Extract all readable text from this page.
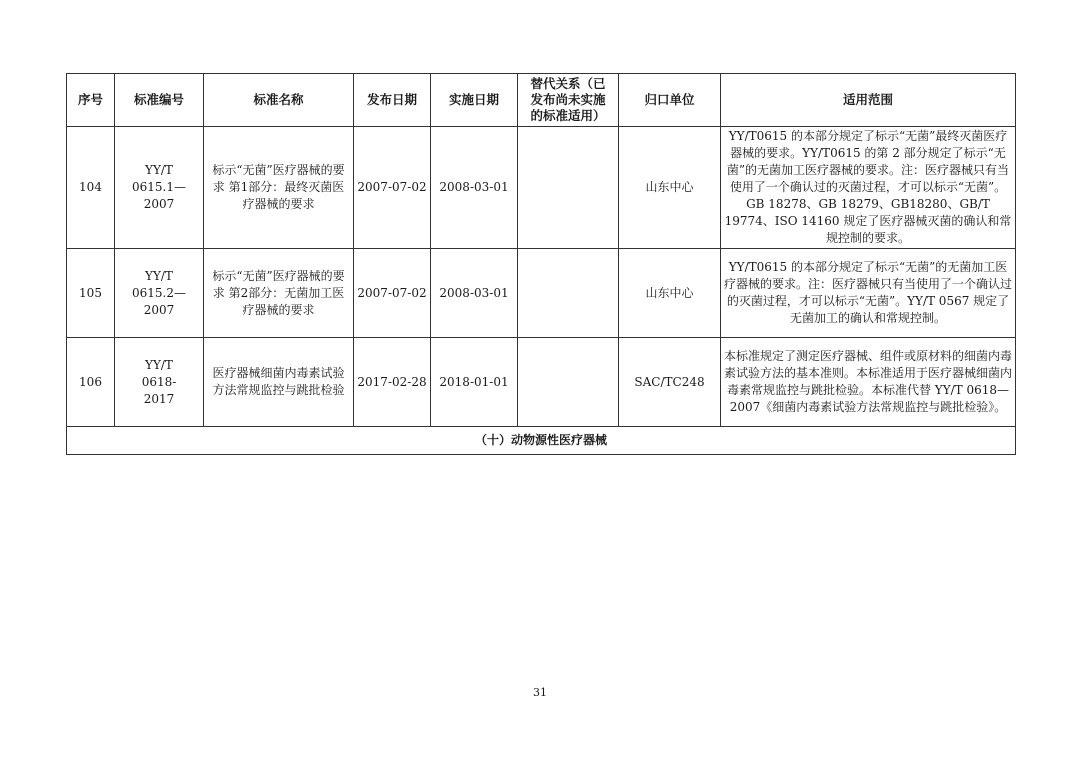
序号	标准编号	标准名称	发布日期	实施日期	替代关系（已发布尚未实施的标准适用）	归口单位	适用范围
104	YY/T 0615.1—2007	标示“无菌”医疗器械的要求 第1部分：最终灭菌医疗器械的要求	2007-07-02	2008-03-01		山东中心	YY/T0615 的本部分规定了标示“无菌”最终灭菌医疗器械的要求。YY/T0615 的第 2 部分规定了标示“无菌”的无菌加工医疗器械的要求。注：医疗器械只有当使用了一个确认过的灭菌过程，才可以标示“无菌”。GB 18278、GB 18279、GB18280、GB/T 19774、ISO 14160 规定了医疗器械灭菌的确认和常规控制的要求。
105	YY/T 0615.2—2007	标示“无菌”医疗器械的要求 第2部分：无菌加工医疗器械的要求	2007-07-02	2008-03-01		山东中心	YY/T0615 的本部分规定了标示“无菌”的无菌加工医疗器械的要求。注：医疗器械只有当使用了一个确认过的灭菌过程，才可以标示“无菌”。YY/T 0567 规定了无菌加工的确认和常规控制。
106	YY/T 0618-2017	医疗器械细菌内毒素试验方法常规监控与跳批检验	2017-02-28	2018-01-01		SAC/TC248	本标准规定了测定医疗器械、组件或原材料的细菌内毒素试验方法的基本准则。本标准适用于医疗器械细菌内毒素常规监控与跳批检验。本标准代替 YY/T 0618—2007《细菌内毒素试验方法常规监控与跳批检验》。
（十）动物源性医疗器械							
31
